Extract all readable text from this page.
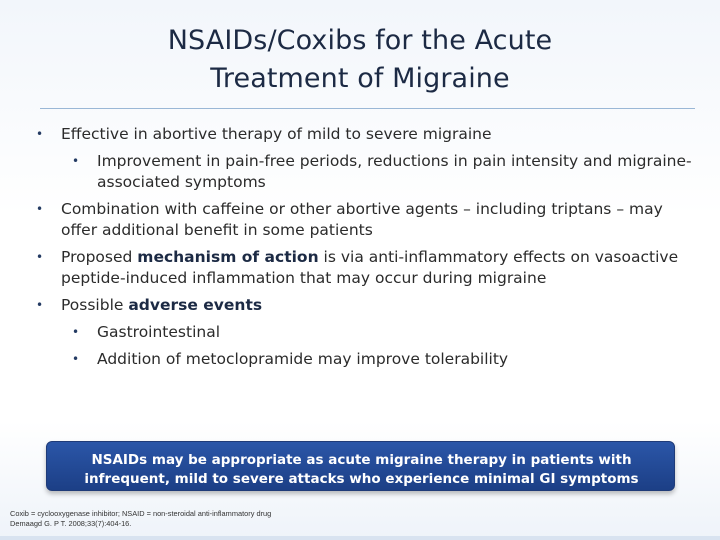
NSAIDs/Coxibs for the Acute
Treatment of Migraine
•	Effective in abortive therapy of mild to severe migraine
•	Improvement in pain-free periods, reductions in pain intensity and migraine-associated symptoms
•	Combination with caffeine or other abortive agents – including triptans – may offer additional benefit in some patients
•	Proposed mechanism of action is via anti-inflammatory effects on vasoactive peptide-induced inflammation that may occur during migraine
•	Possible adverse events
•	Gastrointestinal
•	Addition of metoclopramide may improve tolerability
NSAIDs may be appropriate as acute migraine therapy in patients with
infrequent, mild to severe attacks who experience minimal GI symptoms
Coxib = cyclooxygenase inhibitor; NSAID = non-steroidal anti-inflammatory drug
Demaagd G. P T. 2008;33(7):404-16.
